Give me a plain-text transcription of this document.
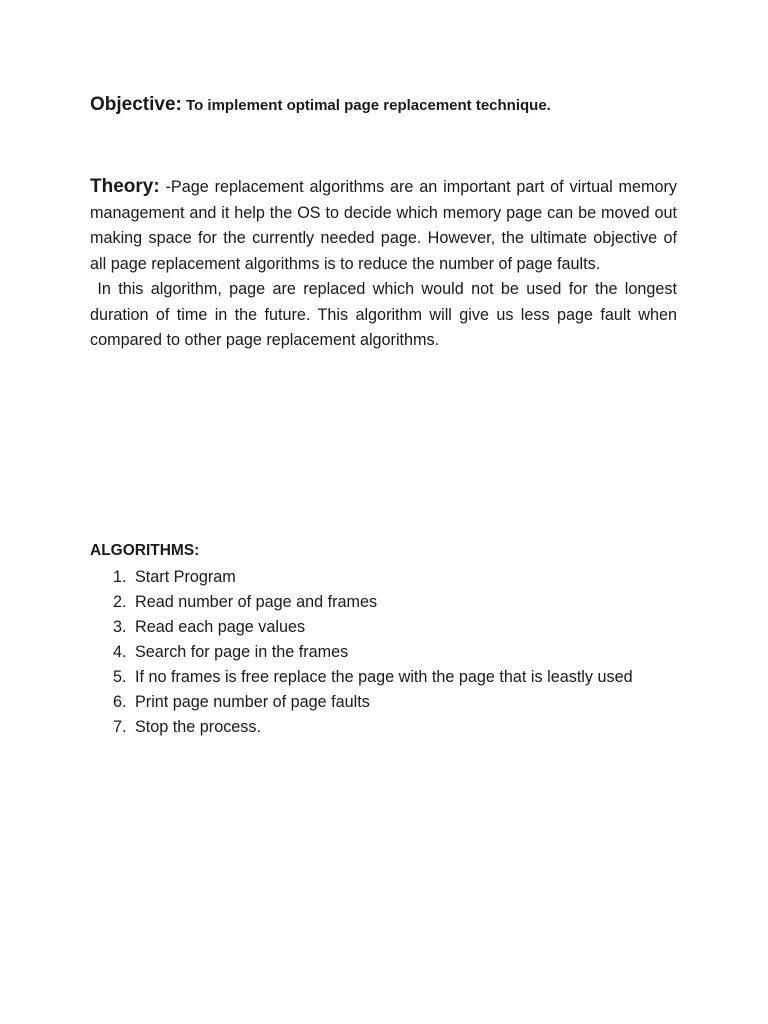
Objective: To implement optimal page replacement technique.

Theory: -Page replacement algorithms are an important part of virtual memory management and it help the OS to decide which memory page can be moved out making space for the currently needed page. However, the ultimate objective of all page replacement algorithms is to reduce the number of page faults.

In this algorithm, page are replaced which would not be used for the longest duration of time in the future. This algorithm will give us less page fault when compared to other page replacement algorithms.

ALGORITHMS:
1. Start Program
2. Read number of page and frames
3. Read each page values
4. Search for page in the frames
5. If no frames is free replace the page with the page that is leastly used
6. Print page number of page faults
7. Stop the process.
